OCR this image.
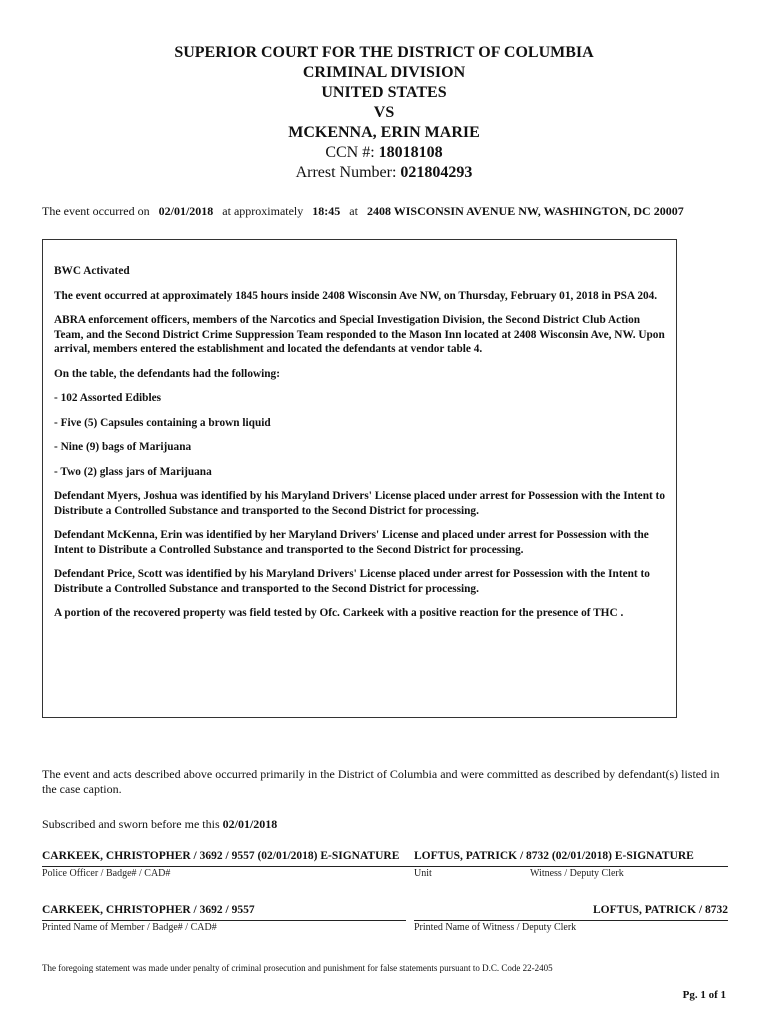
SUPERIOR COURT FOR THE DISTRICT OF COLUMBIA
CRIMINAL DIVISION
UNITED STATES
VS
MCKENNA, ERIN MARIE
CCN #: 18018108
Arrest Number: 021804293
The event occurred on 02/01/2018 at approximately 18:45 at 2408 WISCONSIN AVENUE NW, WASHINGTON, DC 20007

BWC Activated

The event occurred at approximately 1845 hours inside 2408 Wisconsin Ave NW, on Thursday, February 01, 2018 in PSA 204.

ABRA enforcement officers, members of the Narcotics and Special Investigation Division, the Second District Club Action Team, and the Second District Crime Suppression Team responded to the Mason Inn located at 2408 Wisconsin Ave, NW. Upon arrival, members entered the establishment and located the defendants at vendor table 4.

On the table, the defendants had the following:

- 102 Assorted Edibles

- Five (5) Capsules containing a brown liquid

- Nine (9) bags of Marijuana

- Two (2) glass jars of Marijuana

Defendant Myers, Joshua was identified by his Maryland Drivers' License placed under arrest for Possession with the Intent to Distribute a Controlled Substance and transported to the Second District for processing.

Defendant McKenna, Erin was identified by her Maryland Drivers' License and placed under arrest for Possession with the Intent to Distribute a Controlled Substance and transported to the Second District for processing.

Defendant Price, Scott was identified by his Maryland Drivers' License placed under arrest for Possession with the Intent to Distribute a Controlled Substance and transported to the Second District for processing.

A portion of the recovered property was field tested by Ofc. Carkeek with a positive reaction for the presence of THC .

The event and acts described above occurred primarily in the District of Columbia and were committed as described by defendant(s) listed in the case caption.
Subscribed and sworn before me this 02/01/2018
CARKEEK, CHRISTOPHER / 3692 / 9557 (02/01/2018) E-SIGNATURE LOFTUS, PATRICK / 8732 (02/01/2018) E-SIGNATURE
Police Officer / Badge# / CAD#	Unit	Witness / Deputy Clerk
CARKEEK, CHRISTOPHER / 3692 / 9557	LOFTUS, PATRICK / 8732
Printed Name of Member / Badge# / CAD#	Printed Name of Witness / Deputy Clerk
The foregoing statement was made under penalty of criminal prosecution and punishment for false statements pursuant to D.C. Code 22-2405
Pg. 1 of 1
